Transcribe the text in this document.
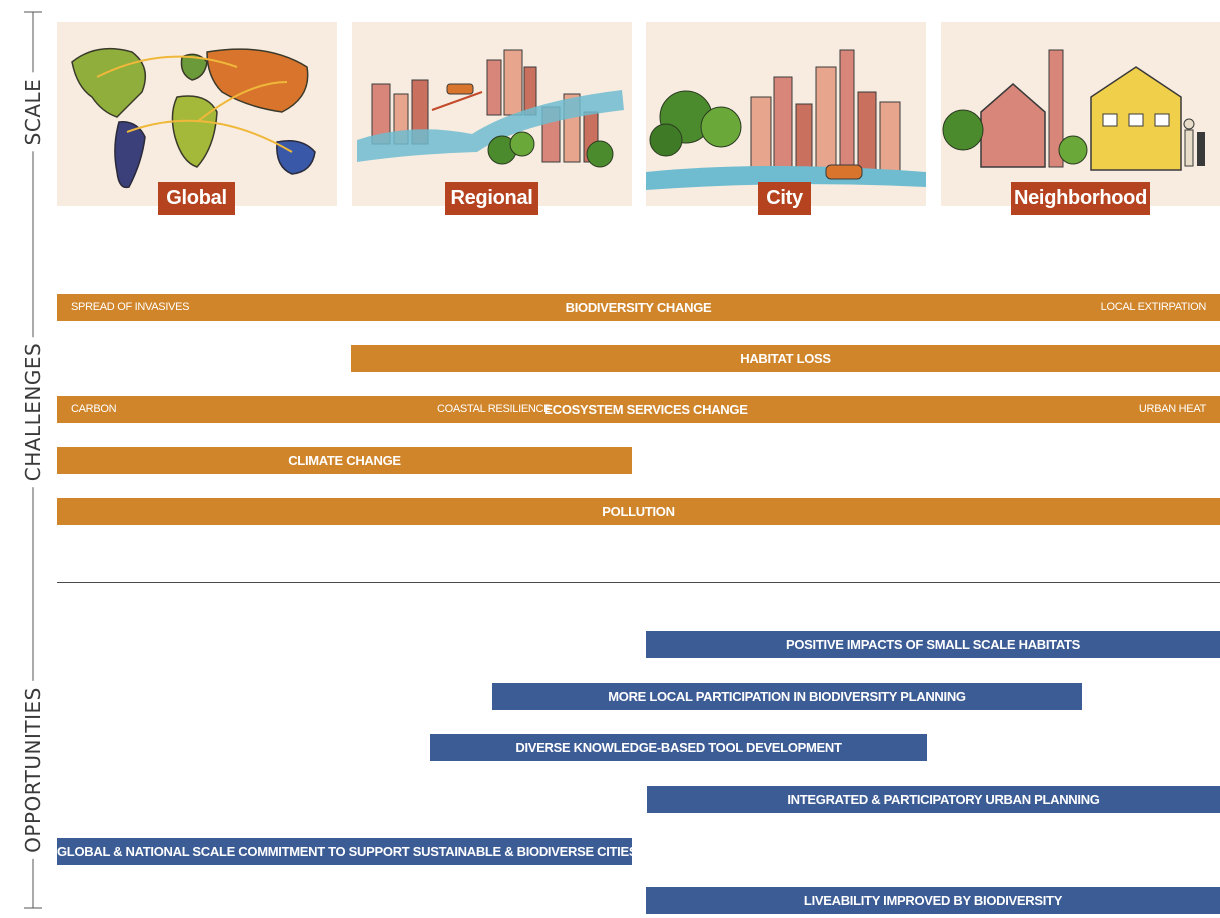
SCALE
CHALLENGES
OPPORTUNITIES
Global	Regional	City	Neighborhood
SPREAD OF INVASIVES	BIODIVERSITY CHANGE	LOCAL EXTIRPATION
HABITAT LOSS
CARBON	COASTAL RESILIENCE
ECOSYSTEM SERVICES CHANGE	URBAN HEAT
CLIMATE CHANGE
POLLUTION
POSITIVE IMPACTS OF SMALL SCALE HABITATS
MORE LOCAL PARTICIPATION IN BIODIVERSITY PLANNING
DIVERSE KNOWLEDGE-BASED TOOL DEVELOPMENT
INTEGRATED & PARTICIPATORY URBAN PLANNING
GLOBAL & NATIONAL SCALE COMMITMENT TO SUPPORT SUSTAINABLE & BIODIVERSE CITIES
LIVEABILITY IMPROVED BY BIODIVERSITY
